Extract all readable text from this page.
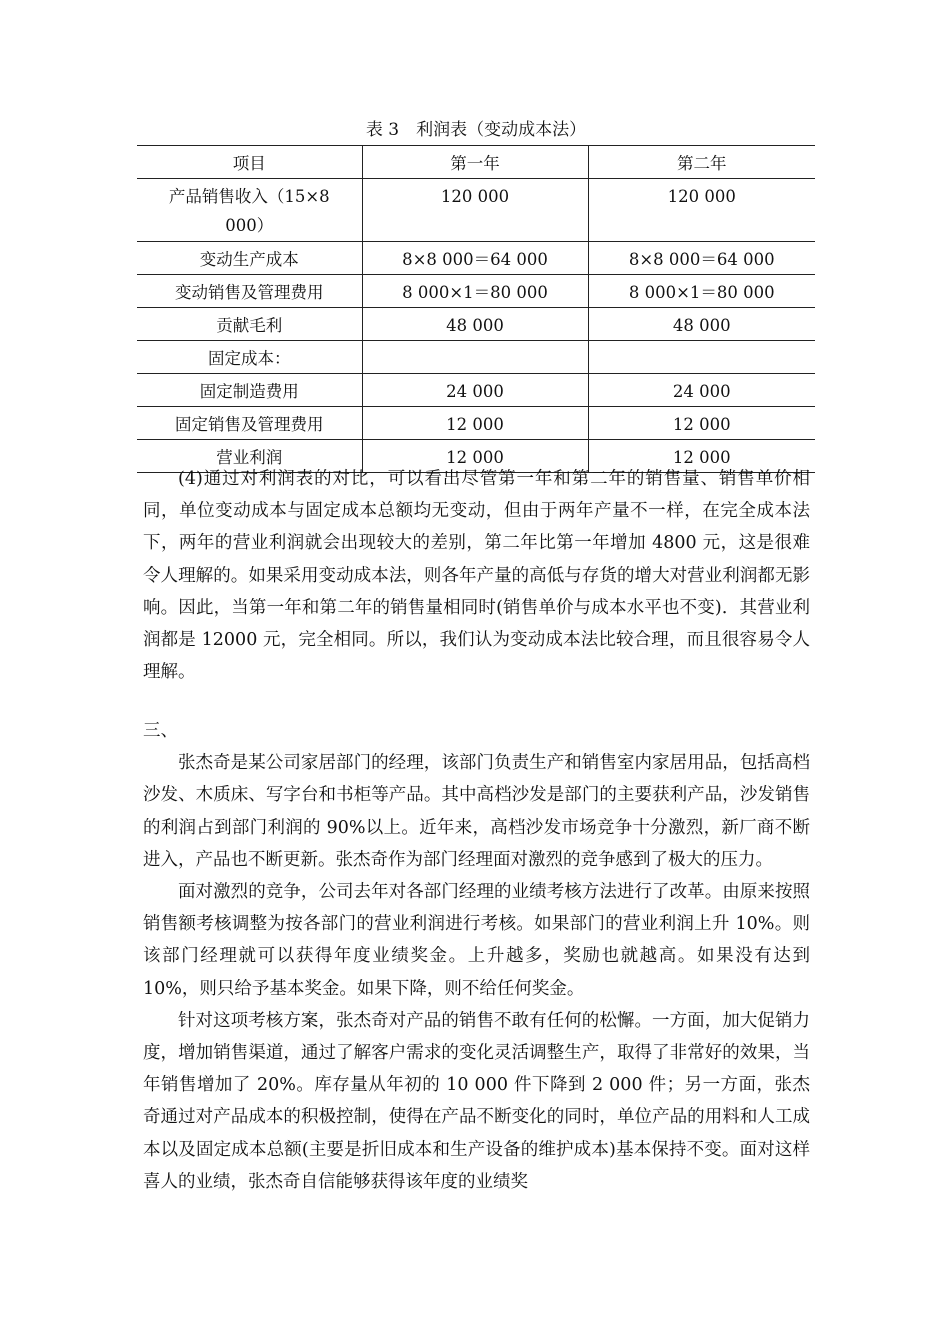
表 3　利润表（变动成本法）
项目	第一年	第二年
产品销售收入（15×8 000）	120 000	120 000
变动生产成本	8×8 000＝64 000	8×8 000＝64 000
变动销售及管理费用	8 000×1＝80 000	8 000×1＝80 000
贡献毛利	48 000	48 000
固定成本：		
固定制造费用	24 000	24 000
固定销售及管理费用	12 000	12 000
营业利润	12 000	12 000

(4)通过对利润表的对比，可以看出尽管第一年和第二年的销售量、销售单价相同，单位变动成本与固定成本总额均无变动，但由于两年产量不一样，在完全成本法下，两年的营业利润就会出现较大的差别，第二年比第一年增加 4800 元，这是很难令人理解的。如果采用变动成本法，则各年产量的高低与存货的增大对营业利润都无影响。因此，当第一年和第二年的销售量相同时(销售单价与成本水平也不变)．其营业利润都是 12000 元，完全相同。所以，我们认为变动成本法比较合理，而且很容易令人理解。

三、

张杰奇是某公司家居部门的经理，该部门负责生产和销售室内家居用品，包括高档沙发、木质床、写字台和书柜等产品。其中高档沙发是部门的主要获利产品，沙发销售的利润占到部门利润的 90%以上。近年来，高档沙发市场竞争十分激烈，新厂商不断进入，产品也不断更新。张杰奇作为部门经理面对激烈的竞争感到了极大的压力。

面对激烈的竞争，公司去年对各部门经理的业绩考核方法进行了改革。由原来按照销售额考核调整为按各部门的营业利润进行考核。如果部门的营业利润上升 10%。则该部门经理就可以获得年度业绩奖金。上升越多，奖励也就越高。如果没有达到 10%，则只给予基本奖金。如果下降，则不给任何奖金。

针对这项考核方案，张杰奇对产品的销售不敢有任何的松懈。一方面，加大促销力度，增加销售渠道，通过了解客户需求的变化灵活调整生产，取得了非常好的效果，当年销售增加了 20%。库存量从年初的 10 000 件下降到 2 000 件；另一方面，张杰奇通过对产品成本的积极控制，使得在产品不断变化的同时，单位产品的用料和人工成本以及固定成本总额(主要是折旧成本和生产设备的维护成本)基本保持不变。面对这样喜人的业绩，张杰奇自信能够获得该年度的业绩奖
